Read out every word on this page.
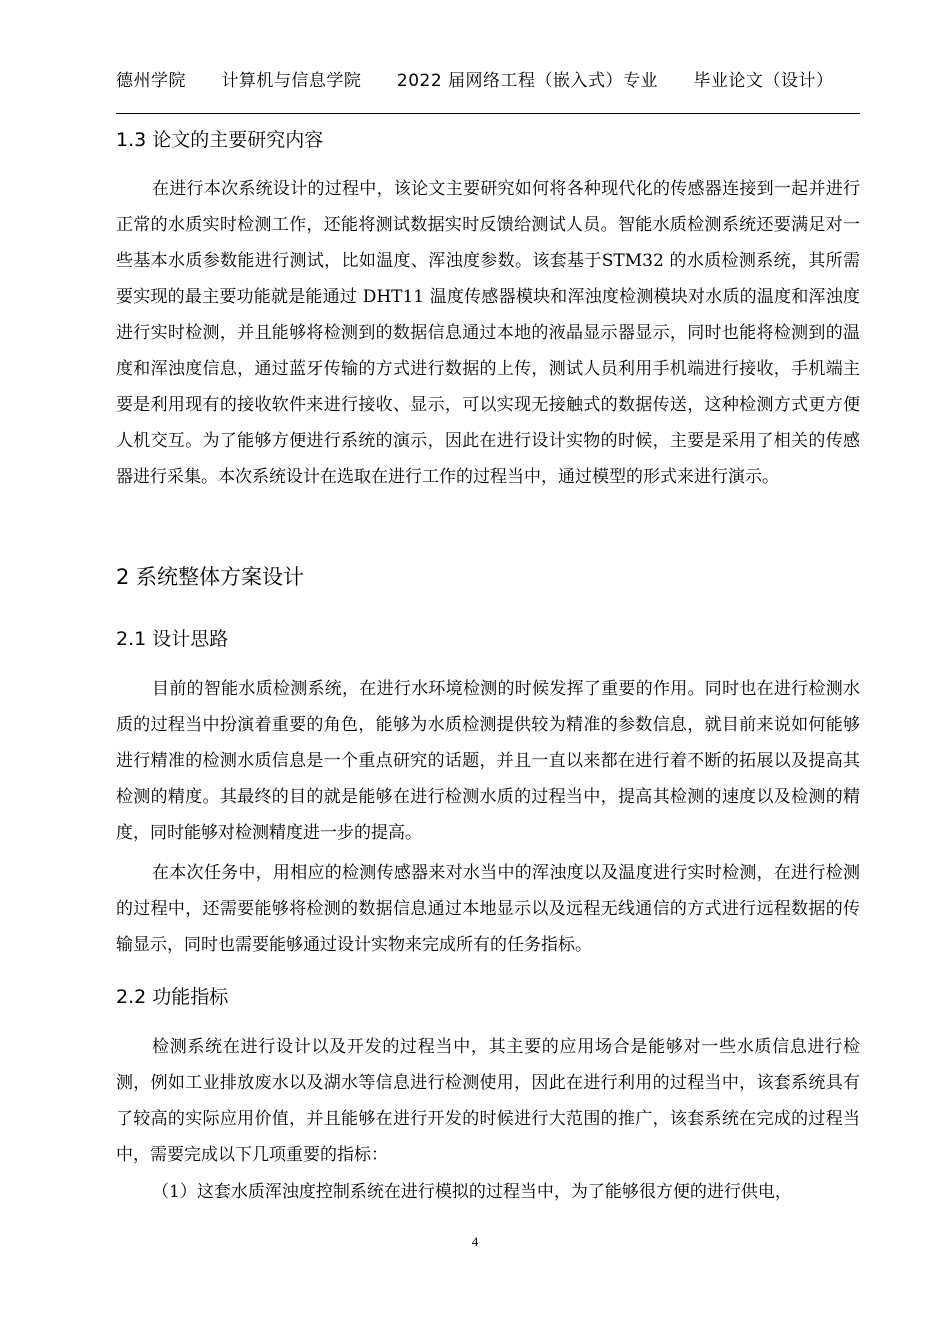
德州学院 计算机与信息学院 2022 届网络工程（嵌入式）专业 毕业论文（设计）
1.3 论文的主要研究内容

在进行本次系统设计的过程中，该论文主要研究如何将各种现代化的传感器连接到一起并进行正常的水质实时检测工作，还能将测试数据实时反馈给测试人员。智能水质检测系统还要满足对一些基本水质参数能进行测试，比如温度、浑浊度参数。该套基于STM32 的水质检测系统，其所需要实现的最主要功能就是能通过 DHT11 温度传感器模块和浑浊度检测模块对水质的温度和浑浊度进行实时检测，并且能够将检测到的数据信息通过本地的液晶显示器显示，同时也能将检测到的温度和浑浊度信息，通过蓝牙传输的方式进行数据的上传，测试人员利用手机端进行接收，手机端主要是利用现有的接收软件来进行接收、显示，可以实现无接触式的数据传送，这种检测方式更方便人机交互。为了能够方便进行系统的演示，因此在进行设计实物的时候，主要是采用了相关的传感器进行采集。本次系统设计在选取在进行工作的过程当中，通过模型的形式来进行演示。

2 系统整体方案设计
2.1 设计思路

目前的智能水质检测系统，在进行水环境检测的时候发挥了重要的作用。同时也在进行检测水质的过程当中扮演着重要的角色，能够为水质检测提供较为精准的参数信息，就目前来说如何能够进行精准的检测水质信息是一个重点研究的话题，并且一直以来都在进行着不断的拓展以及提高其检测的精度。其最终的目的就是能够在进行检测水质的过程当中，提高其检测的速度以及检测的精度，同时能够对检测精度进一步的提高。

在本次任务中，用相应的检测传感器来对水当中的浑浊度以及温度进行实时检测，在进行检测的过程中，还需要能够将检测的数据信息通过本地显示以及远程无线通信的方式进行远程数据的传输显示，同时也需要能够通过设计实物来完成所有的任务指标。

2.2 功能指标

检测系统在进行设计以及开发的过程当中，其主要的应用场合是能够对一些水质信息进行检测，例如工业排放废水以及湖水等信息进行检测使用，因此在进行利用的过程当中，该套系统具有了较高的实际应用价值，并且能够在进行开发的时候进行大范围的推广，该套系统在完成的过程当中，需要完成以下几项重要的指标：

（1）这套水质浑浊度控制系统在进行模拟的过程当中，为了能够很方便的进行供电，

4
